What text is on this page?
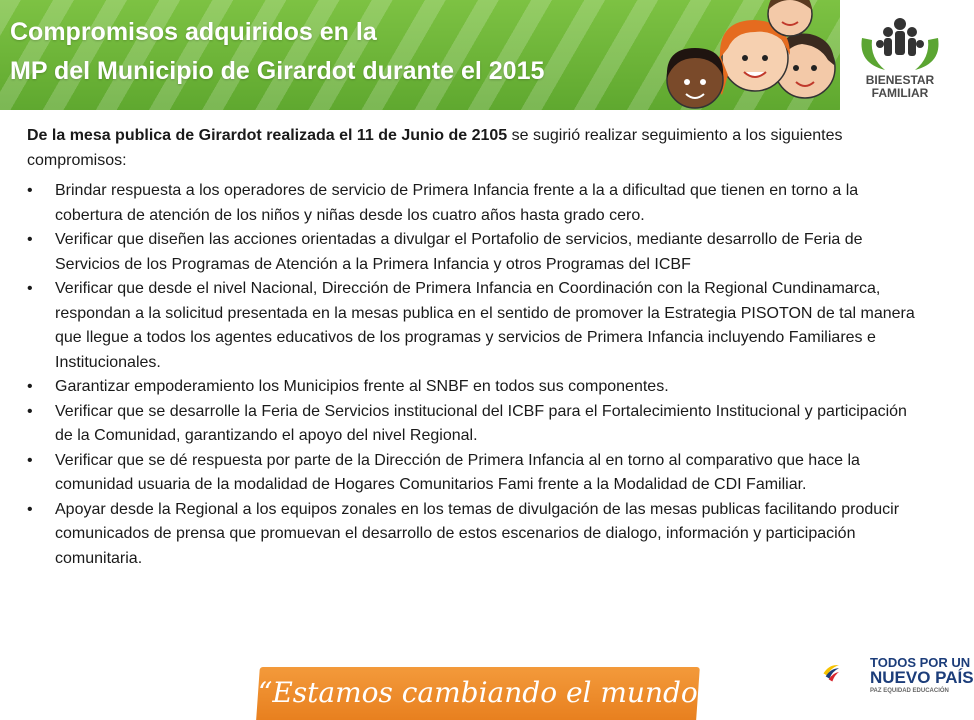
Compromisos adquiridos en la
MP del Municipio de Girardot durante el 2015	BIENESTAR
FAMILIAR
De la mesa publica de Girardot realizada el 11 de Junio de 2105 se sugirió realizar seguimiento a los siguientes compromisos:
• Brindar respuesta a los operadores de servicio de Primera Infancia frente a la a dificultad que tienen en torno a la cobertura de atención de los niños y niñas desde los cuatro años hasta grado cero.
• Verificar que diseñen las acciones orientadas a divulgar el Portafolio de servicios, mediante desarrollo de Feria de Servicios de los Programas de Atención a la Primera Infancia y otros Programas del ICBF
• Verificar que desde el nivel Nacional, Dirección de Primera Infancia en Coordinación con la Regional Cundinamarca, respondan a la solicitud presentada en la mesas publica en el sentido de promover la Estrategia PISOTON de tal manera que llegue a todos los agentes educativos de los programas y servicios de Primera Infancia incluyendo Familiares e Institucionales.
• Garantizar empoderamiento los Municipios frente al SNBF en todos sus componentes.
• Verificar que se desarrolle la Feria de Servicios institucional del ICBF para el Fortalecimiento Institucional y participación de la Comunidad, garantizando el apoyo del nivel Regional.
• Verificar que se dé respuesta por parte de la Dirección de Primera Infancia al en torno al comparativo que hace la comunidad usuaria de la modalidad de Hogares Comunitarios Fami frente a la Modalidad de CDI Familiar.
• Apoyar desde la Regional a los equipos zonales en los temas de divulgación de las mesas publicas facilitando producir comunicados de prensa que promuevan el desarrollo de estos escenarios de dialogo, información y participación comunitaria.
“Estamos cambiando el mundo”
TODOS POR UN
NUEVO PAÍS
PAZ EQUIDAD EDUCACIÓN
